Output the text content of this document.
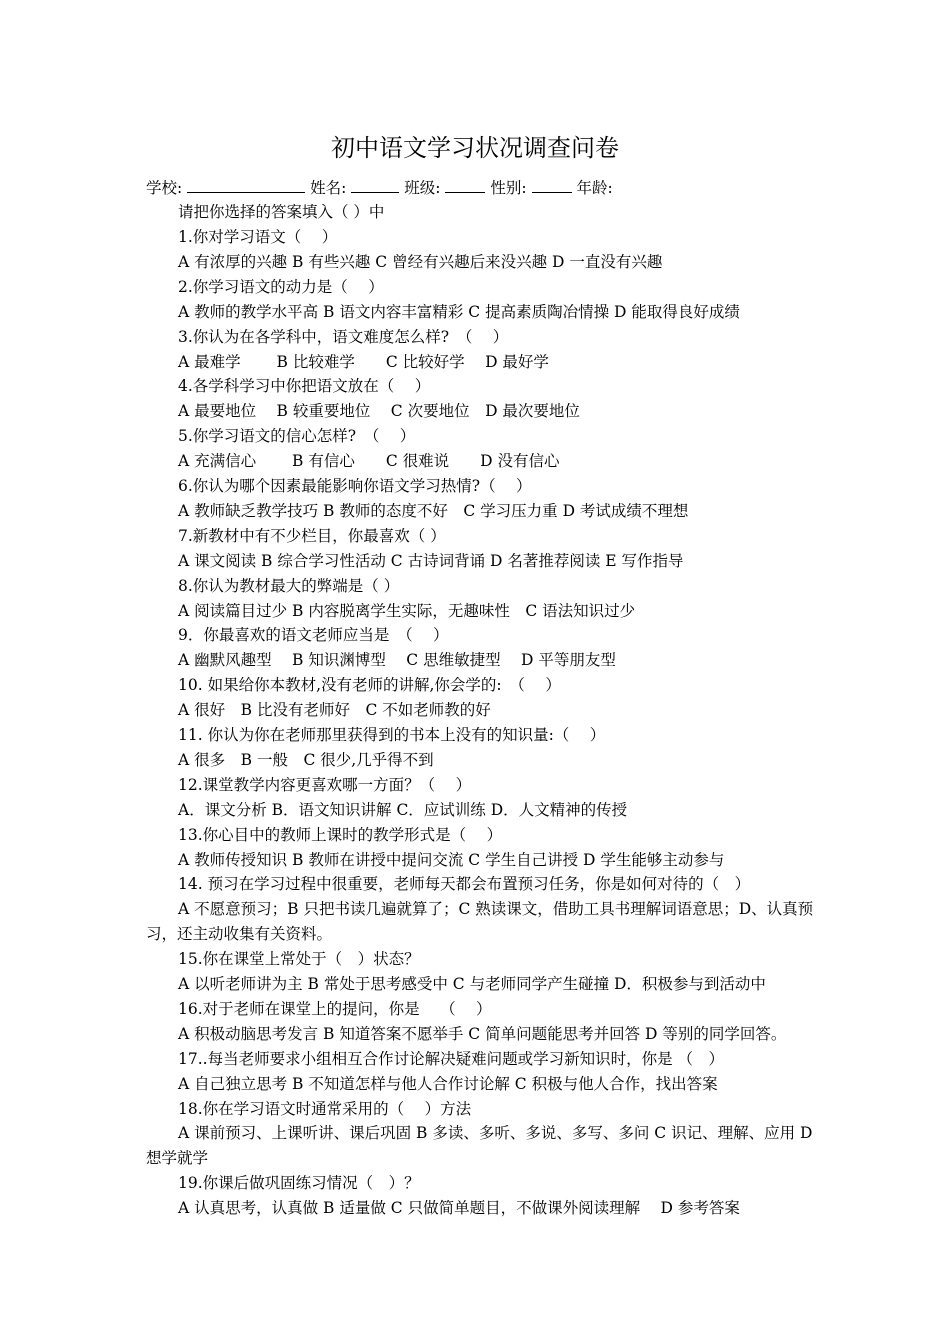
初中语文学习状况调查问卷
学校:	姓名:	班级:	性别:	年龄:
请把你选择的答案填入（ ）中
1.你对学习语文（　 ）
A 有浓厚的兴趣 B 有些兴趣 C 曾经有兴趣后来没兴趣 D 一直没有兴趣
2.你学习语文的动力是（　 ）
A 教师的教学水平高 B 语文内容丰富精彩 C 提高素质陶冶情操 D 能取得良好成绩
3.你认为在各学科中，语文难度怎么样?　（　 ）
A 最难学　　 B 比较难学　　C 比较好学　 D 最好学
4.各学科学习中你把语文放在（　 ）
A 最要地位　 B 较重要地位　 C 次要地位　D 最次要地位
5.你学习语文的信心怎样?　（　 ）
A 充满信心　　 B 有信心　　C 很难说　　D 没有信心
6.你认为哪个因素最能影响你语文学习热情?（　 ）
A 教师缺乏教学技巧 B 教师的态度不好　C 学习压力重 D 考试成绩不理想
7.新教材中有不少栏目，你最喜欢（ ）
A 课文阅读 B 综合学习性活动 C 古诗词背诵 D 名著推荐阅读 E 写作指导
8.你认为教材最大的弊端是（ ）
A 阅读篇目过少 B 内容脱离学生实际，无趣味性　C 语法知识过少
9．你最喜欢的语文老师应当是　（　 ）
A 幽默风趣型　 B 知识渊博型　 C 思维敏捷型　 D 平等朋友型
10. 如果给你本教材,没有老师的讲解,你会学的:　（　 ）
A 很好　B 比没有老师好　C 不如老师教的好
11. 你认为你在老师那里获得到的书本上没有的知识量:（　 ）
A 很多　B 一般　C 很少,几乎得不到
12.课堂教学内容更喜欢哪一方面？（　 ）
A．课文分析 B．语文知识讲解 C．应试训练 D．人文精神的传授
13.你心目中的教师上课时的教学形式是（　 ）
A 教师传授知识 B 教师在讲授中提问交流 C 学生自己讲授 D 学生能够主动参与
14. 预习在学习过程中很重要，老师每天都会布置预习任务，你是如何对待的（　）
A 不愿意预习；B 只把书读几遍就算了；C 熟读课文，借助工具书理解词语意思；D、认真预习，还主动收集有关资料。
15.你在课堂上常处于（　）状态？
A 以听老师讲为主 B 常处于思考感受中 C 与老师同学产生碰撞 D．积极参与到活动中
16.对于老师在课堂上的提问，你是　 （　 ）
A 积极动脑思考发言 B 知道答案不愿举手 C 简单问题能思考并回答 D 等别的同学回答。
17..每当老师要求小组相互合作讨论解决疑难问题或学习新知识时，你是 （　）
A 自己独立思考 B 不知道怎样与他人合作讨论解 C 积极与他人合作，找出答案
18.你在学习语文时通常采用的（　 ）方法
A 课前预习、上课听讲、课后巩固 B 多读、多听、多说、多写、多问 C 识记、理解、应用 D 想学就学
19.你课后做巩固练习情况（　）？
A 认真思考，认真做 B 适量做 C 只做简单题目，不做课外阅读理解　 D 参考答案
